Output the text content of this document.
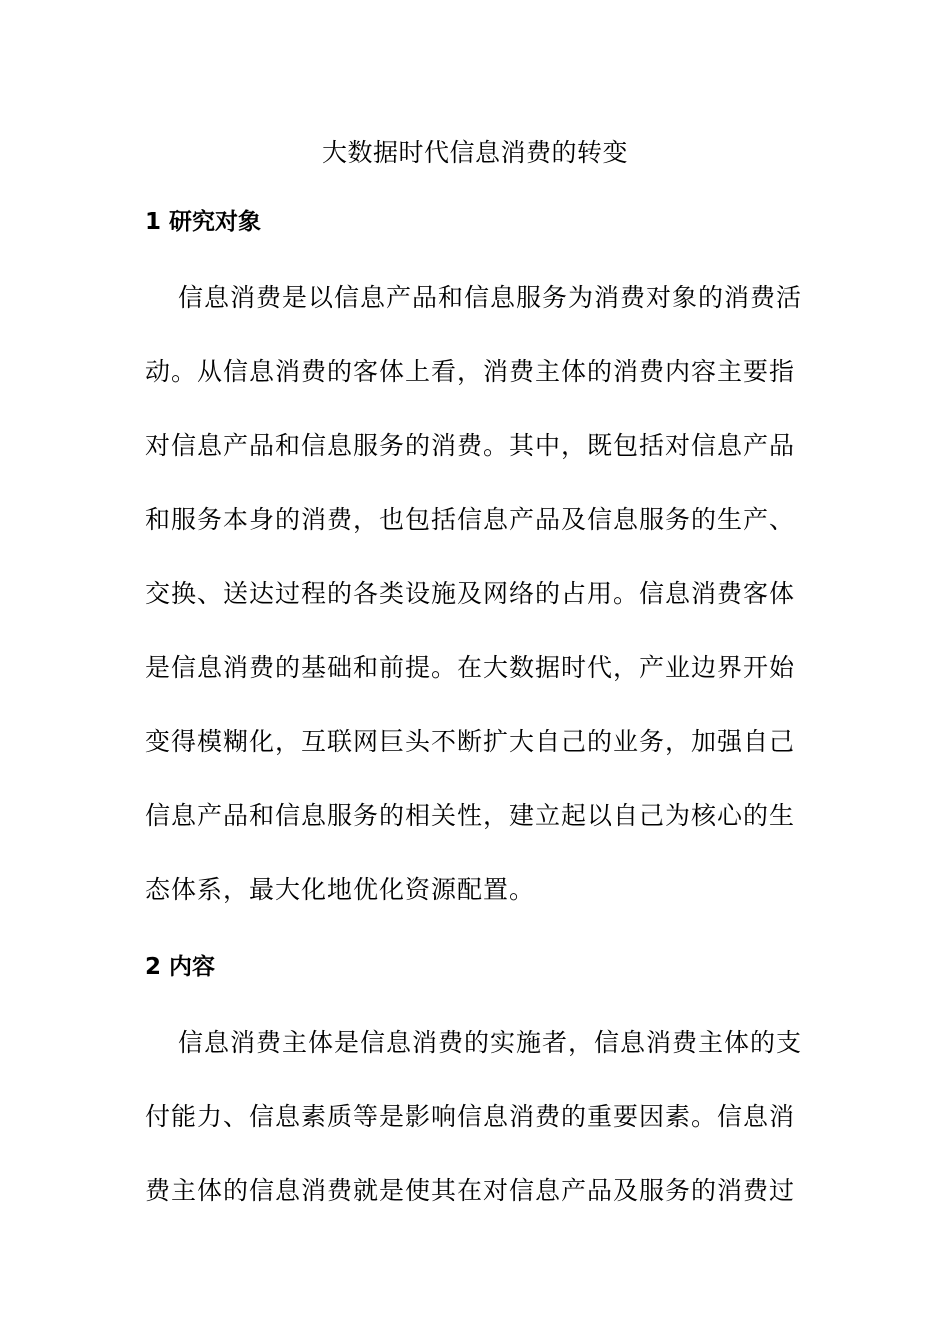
大数据时代信息消费的转变
1 研究对象

信息消费是以信息产品和信息服务为消费对象的消费活
动。从信息消费的客体上看，消费主体的消费内容主要指
对信息产品和信息服务的消费。其中，既包括对信息产品
和服务本身的消费，也包括信息产品及信息服务的生产、
交换、送达过程的各类设施及网络的占用。信息消费客体
是信息消费的基础和前提。在大数据时代，产业边界开始
变得模糊化，互联网巨头不断扩大自己的业务，加强自己
信息产品和信息服务的相关性，建立起以自己为核心的生
态体系，最大化地优化资源配置。

2 内容

信息消费主体是信息消费的实施者，信息消费主体的支
付能力、信息素质等是影响信息消费的重要因素。信息消
费主体的信息消费就是使其在对信息产品及服务的消费过
